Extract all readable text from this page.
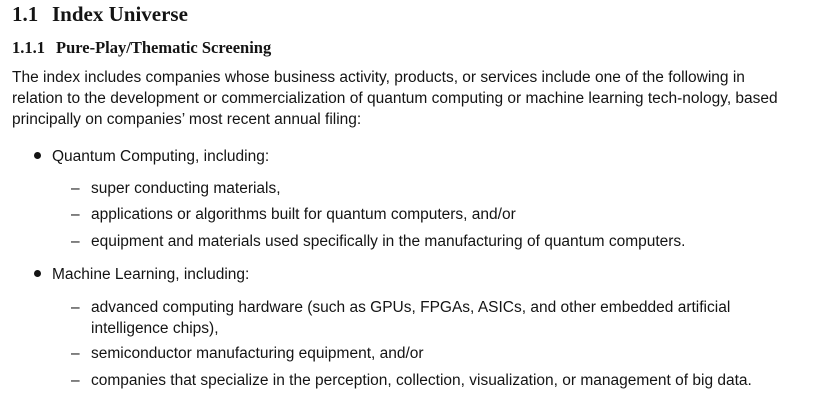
1.1 Index Universe
1.1.1 Pure-Play/Thematic Screening

The index includes companies whose business activity, products, or services include one of the following in relation to the development or commercialization of quantum computing or machine learning tech-nology, based principally on companies’ most recent annual filing:

Quantum Computing, including:
– super conducting materials,
– applications or algorithms built for quantum computers, and/or
– equipment and materials used specifically in the manufacturing of quantum computers.
Machine Learning, including:
– advanced computing hardware (such as GPUs, FPGAs, ASICs, and other embedded artificial intelligence chips),
– semiconductor manufacturing equipment, and/or
– companies that specialize in the perception, collection, visualization, or management of big data.
